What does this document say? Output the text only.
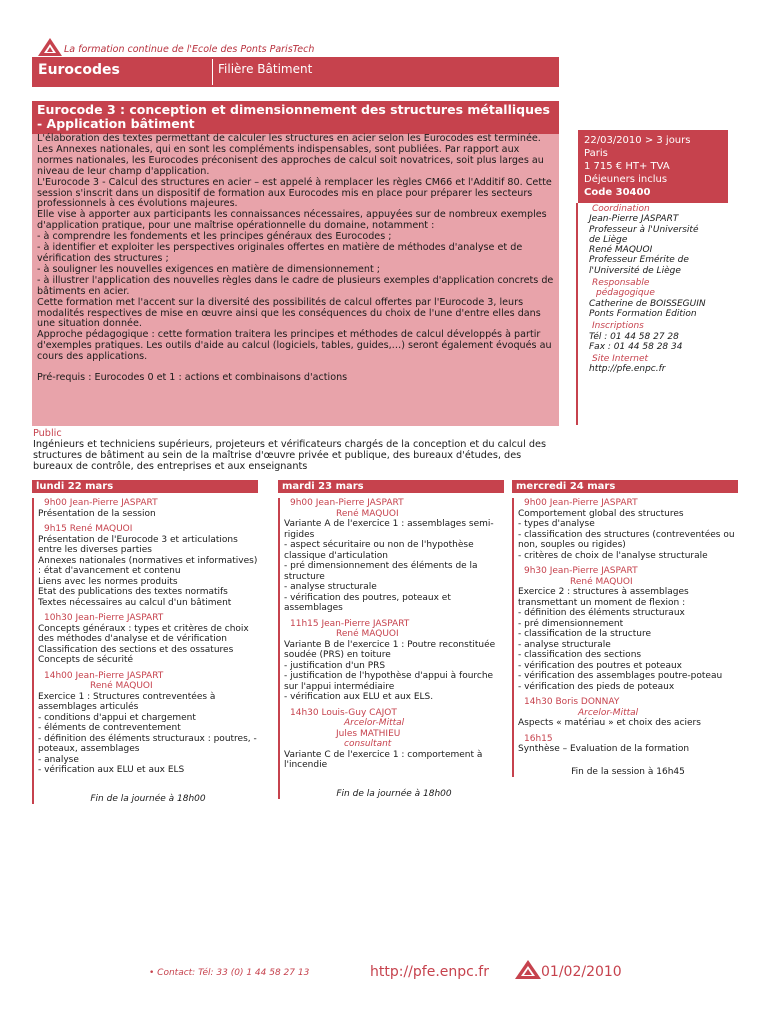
La formation continue de l'Ecole des Ponts ParisTech
Eurocodes	Filière Bâtiment
Eurocode 3 : conception et dimensionnement des structures métalliques - Application bâtiment

L'élaboration des textes permettant de calculer les structures en acier selon les Eurocodes est terminée. Les Annexes nationales, qui en sont les compléments indispensables, sont publiées. Par rapport aux normes nationales, les Eurocodes préconisent des approches de calcul soit novatrices, soit plus larges au niveau de leur champ d'application.

L'Eurocode 3 - Calcul des structures en acier – est appelé à remplacer les règles CM66 et l'Additif 80. Cette session s'inscrit dans un dispositif de formation aux Eurocodes mis en place pour préparer les secteurs professionnels à ces évolutions majeures.

Elle vise à apporter aux participants les connaissances nécessaires, appuyées sur de nombreux exemples d'application pratique, pour une maîtrise opérationnelle du domaine, notamment :

- à comprendre les fondements et les principes généraux des Eurocodes ;

- à identifier et exploiter les perspectives originales offertes en matière de méthodes d'analyse et de vérification des structures ;

- à souligner les nouvelles exigences en matière de dimensionnement ;

- à illustrer l'application des nouvelles règles dans le cadre de plusieurs exemples d'application concrets de bâtiments en acier.

Cette formation met l'accent sur la diversité des possibilités de calcul offertes par l'Eurocode 3, leurs modalités respectives de mise en œuvre ainsi que les conséquences du choix de l'une d'entre elles dans une situation donnée.

Approche pédagogique : cette formation traitera les principes et méthodes de calcul développés à partir d'exemples pratiques. Les outils d'aide au calcul (logiciels, tables, guides,…) seront également évoqués au cours des applications.

Pré-requis : Eurocodes 0 et 1 : actions et combinaisons d'actions

22/03/2010 > 3 jours
Paris
1 715 € HT+ TVA
Déjeuners inclus
Code 30400
Coordination
Jean-Pierre JASPART
Professeur à l'Université
de Liège
René MAQUOI
Professeur Emérite de
l'Université de Liège
Responsable
pédagogique
Catherine de BOISSEGUIN
Ponts Formation Edition
Inscriptions
Tél : 01 44 58 27 28
Fax : 01 44 58 28 34
Site Internet
http://pfe.enpc.fr
Public
Ingénieurs et techniciens supérieurs, projeteurs et vérificateurs chargés de la conception et du calcul des structures de bâtiment au sein de la maîtrise d'œuvre privée et publique, des bureaux d'études, des bureaux de contrôle, des entreprises et aux enseignants
lundi 22 mars

9h00 Jean-Pierre JASPART

Présentation de la session

9h15 René MAQUOI

Présentation de l'Eurocode 3 et articulations entre les diverses parties

Annexes nationales (normatives et informatives) : état d'avancement et contenu

Liens avec les normes produits

Etat des publications des textes normatifs

Textes nécessaires au calcul d'un bâtiment

10h30 Jean-Pierre JASPART

Concepts généraux : types et critères de choix des méthodes d'analyse et de vérification

Classification des sections et des ossatures

Concepts de sécurité

14h00 Jean-Pierre JASPART

René MAQUOI

Exercice 1 : Structures contreventées à assemblages articulés

- conditions d'appui et chargement

- éléments de contreventement

- définition des éléments structuraux : poutres, - poteaux, assemblages

- analyse

- vérification aux ELU et aux ELS

Fin de la journée à 18h00

mardi 23 mars

9h00 Jean-Pierre JASPART

René MAQUOI

Variante A de l'exercice 1 : assemblages semi-rigides

- aspect sécuritaire ou non de l'hypothèse classique d'articulation

- pré dimensionnement des éléments de la structure

- analyse structurale

- vérification des poutres, poteaux et assemblages

11h15 Jean-Pierre JASPART

René MAQUOI

Variante B de l'exercice 1 : Poutre reconstituée soudée (PRS) en toiture

- justification d'un PRS

- justification de l'hypothèse d'appui à fourche sur l'appui intermédiaire

- vérification aux ELU et aux ELS.

14h30 Louis-Guy CAJOT

Arcelor-Mittal

Jules MATHIEU

consultant

Variante C de l'exercice 1 : comportement à l'incendie

Fin de la journée à 18h00

mercredi 24 mars

9h00 Jean-Pierre JASPART

Comportement global des structures

- types d'analyse

- classification des structures (contreventées ou non, souples ou rigides)

- critères de choix de l'analyse structurale

9h30 Jean-Pierre JASPART

René MAQUOI

Exercice 2 : structures à assemblages transmettant un moment de flexion :

- définition des éléments structuraux

- pré dimensionnement

- classification de la structure

- analyse structurale

- classification des sections

- vérification des poutres et poteaux

- vérification des assemblages poutre-poteau

- vérification des pieds de poteaux

14h30 Boris DONNAY

Arcelor-Mittal

Aspects « matériau » et choix des aciers

16h15

Synthèse – Evaluation de la formation

Fin de la session à 16h45

• Contact: Tél: 33 (0) 1 44 58 27 13	http://pfe.enpc.fr	01/02/2010
